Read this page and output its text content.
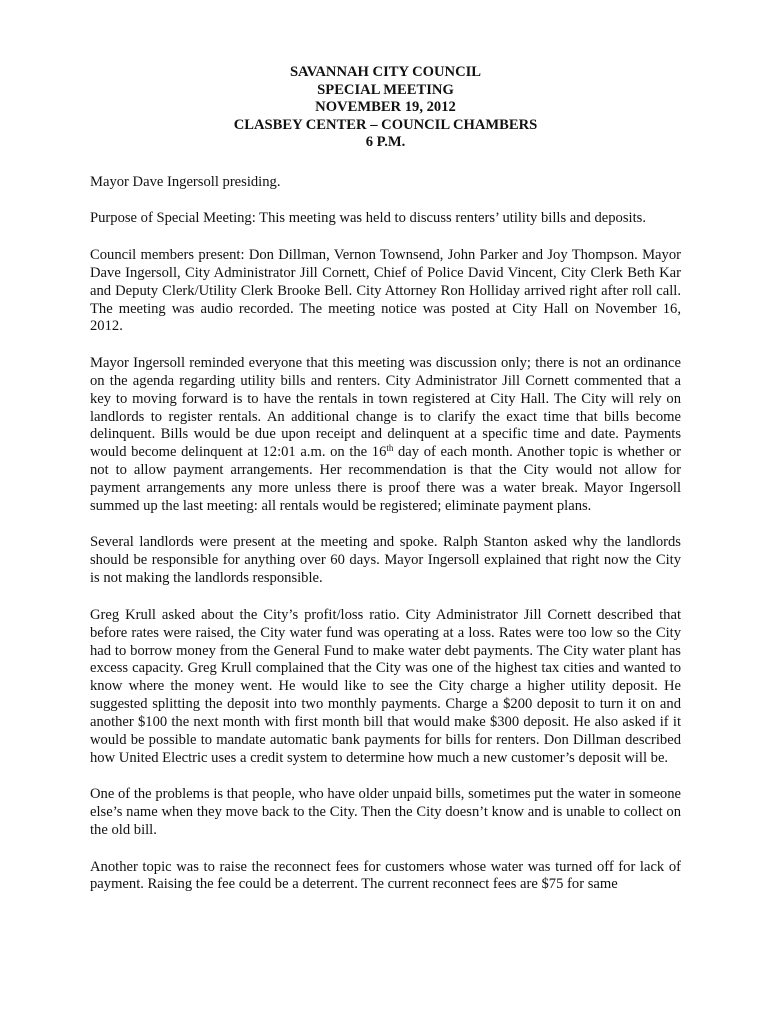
SAVANNAH CITY COUNCIL
SPECIAL MEETING
NOVEMBER 19, 2012
CLASBEY CENTER – COUNCIL CHAMBERS
6 P.M.

Mayor Dave Ingersoll presiding.

Purpose of Special Meeting: This meeting was held to discuss renters’ utility bills and deposits.

Council members present: Don Dillman, Vernon Townsend, John Parker and Joy Thompson. Mayor Dave Ingersoll, City Administrator Jill Cornett, Chief of Police David Vincent, City Clerk Beth Kar and Deputy Clerk/Utility Clerk Brooke Bell. City Attorney Ron Holliday arrived right after roll call. The meeting was audio recorded. The meeting notice was posted at City Hall on November 16, 2012.

Mayor Ingersoll reminded everyone that this meeting was discussion only; there is not an ordinance on the agenda regarding utility bills and renters. City Administrator Jill Cornett commented that a key to moving forward is to have the rentals in town registered at City Hall. The City will rely on landlords to register rentals. An additional change is to clarify the exact time that bills become delinquent. Bills would be due upon receipt and delinquent at a specific time and date. Payments would become delinquent at 12:01 a.m. on the 16th day of each month. Another topic is whether or not to allow payment arrangements. Her recommendation is that the City would not allow for payment arrangements any more unless there is proof there was a water break. Mayor Ingersoll summed up the last meeting: all rentals would be registered; eliminate payment plans.

Several landlords were present at the meeting and spoke. Ralph Stanton asked why the landlords should be responsible for anything over 60 days. Mayor Ingersoll explained that right now the City is not making the landlords responsible.

Greg Krull asked about the City’s profit/loss ratio. City Administrator Jill Cornett described that before rates were raised, the City water fund was operating at a loss. Rates were too low so the City had to borrow money from the General Fund to make water debt payments. The City water plant has excess capacity. Greg Krull complained that the City was one of the highest tax cities and wanted to know where the money went. He would like to see the City charge a higher utility deposit. He suggested splitting the deposit into two monthly payments. Charge a $200 deposit to turn it on and another $100 the next month with first month bill that would make $300 deposit. He also asked if it would be possible to mandate automatic bank payments for bills for renters. Don Dillman described how United Electric uses a credit system to determine how much a new customer’s deposit will be.

One of the problems is that people, who have older unpaid bills, sometimes put the water in someone else’s name when they move back to the City. Then the City doesn’t know and is unable to collect on the old bill.

Another topic was to raise the reconnect fees for customers whose water was turned off for lack of payment. Raising the fee could be a deterrent. The current reconnect fees are $75 for same
